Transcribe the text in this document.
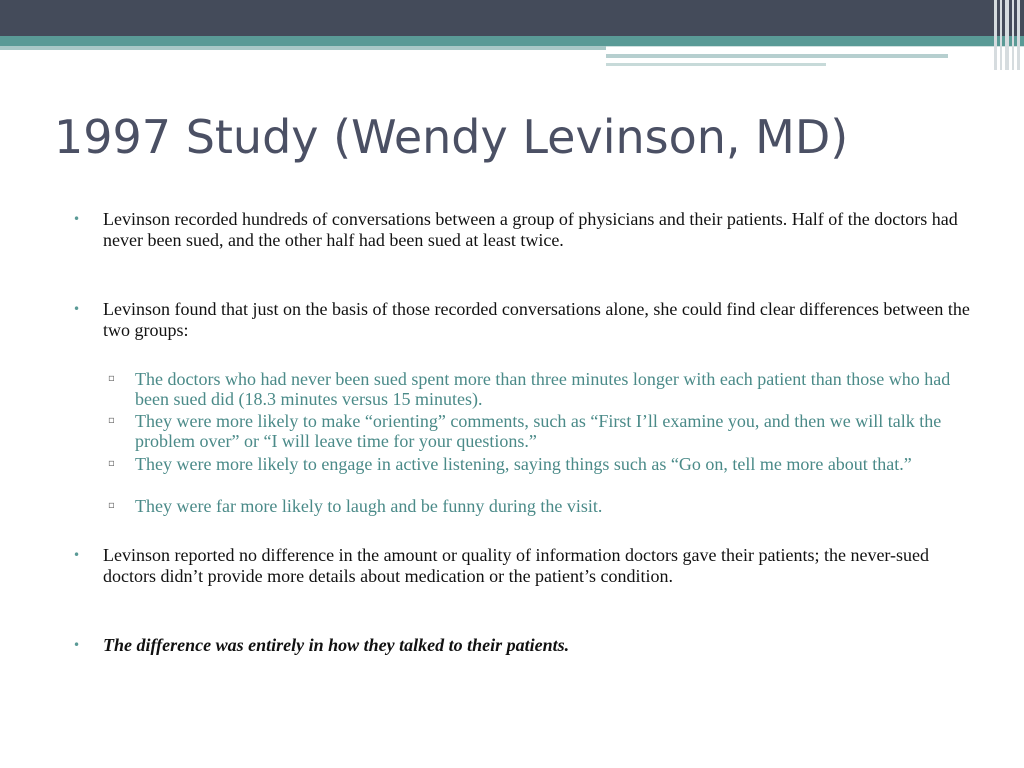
1997 Study (Wendy Levinson, MD)
• Levinson recorded hundreds of conversations between a group of physicians and their patients. Half of the doctors had never been sued, and the other half had been sued at least twice.
• Levinson found that just on the basis of those recorded conversations alone, she could find clear differences between the two groups:
▫ The doctors who had never been sued spent more than three minutes longer with each patient than those who had been sued did (18.3 minutes versus 15 minutes).
▫ They were more likely to make “orienting” comments, such as “First I’ll examine you, and then we will talk the problem over” or “I will leave time for your questions.”
▫ They were more likely to engage in active listening, saying things such as “Go on, tell me more about that.”
▫ They were far more likely to laugh and be funny during the visit.
• Levinson reported no difference in the amount or quality of information doctors gave their patients; the never-sued doctors didn’t provide more details about medication or the patient’s condition.
• The difference was entirely in how they talked to their patients.
